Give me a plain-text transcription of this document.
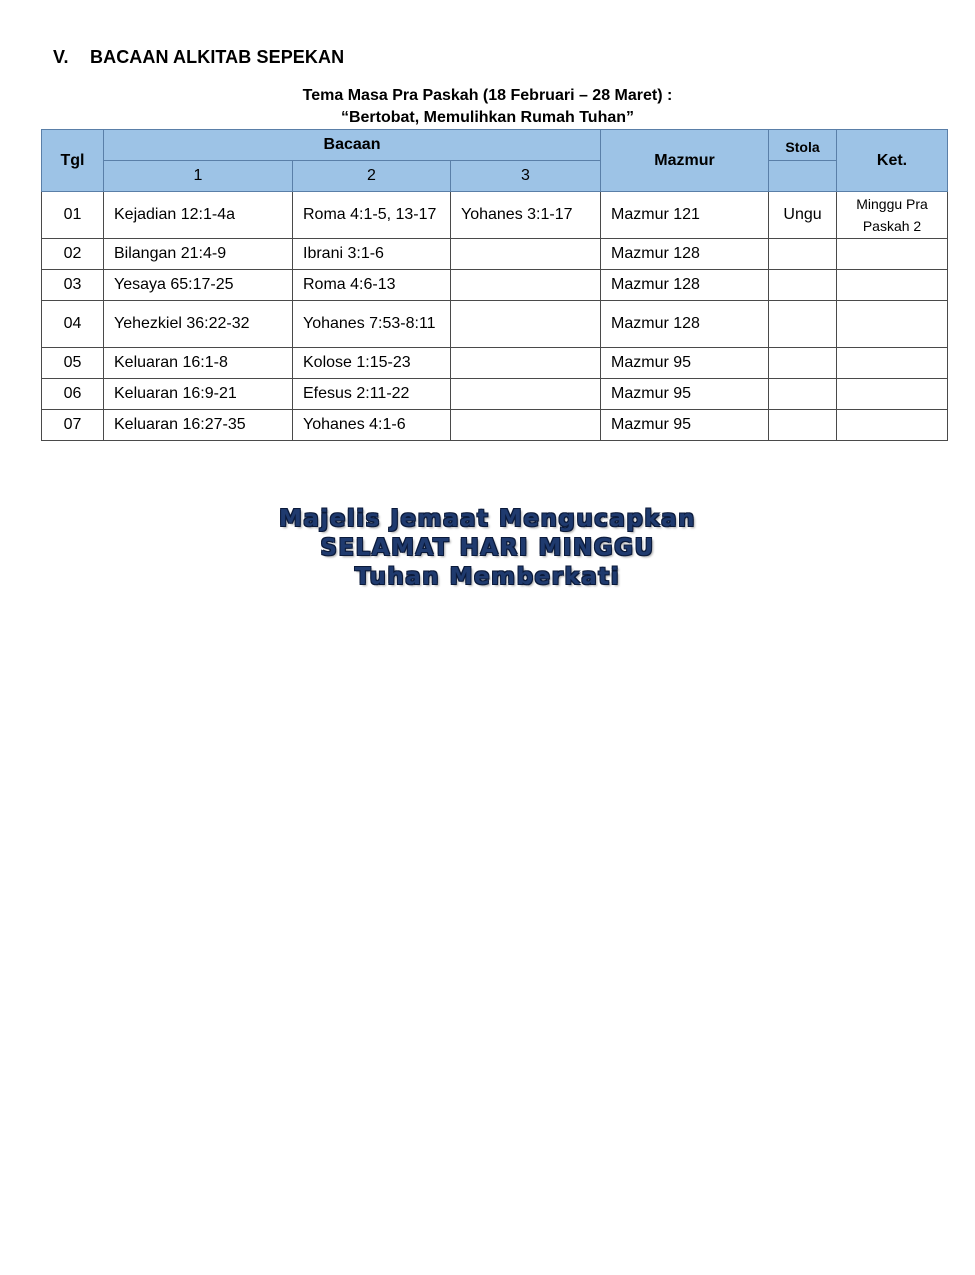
V. BACAAN ALKITAB SEPEKAN
Tema Masa Pra Paskah (18 Februari – 28 Maret) :
“Bertobat, Memulihkan Rumah Tuhan”
Tgl	Bacaan			Mazmur	Stola	Ket.
	1	2	3			
01	Kejadian 12:1-4a	Roma 4:1-5, 13-17	Yohanes 3:1-17	Mazmur 121	Ungu	Minggu Pra Paskah 2
02	Bilangan 21:4-9	Ibrani 3:1-6		Mazmur 128		
03	Yesaya 65:17-25	Roma 4:6-13		Mazmur 128		
04	Yehezkiel 36:22-32	Yohanes 7:53-8:11		Mazmur 128		
05	Keluaran 16:1-8	Kolose 1:15-23		Mazmur 95		
06	Keluaran 16:9-21	Efesus 2:11-22		Mazmur 95		
07	Keluaran 16:27-35	Yohanes 4:1-6		Mazmur 95		
Majelis Jemaat Mengucapkan
SELAMAT HARI MINGGU
Tuhan Memberkati
